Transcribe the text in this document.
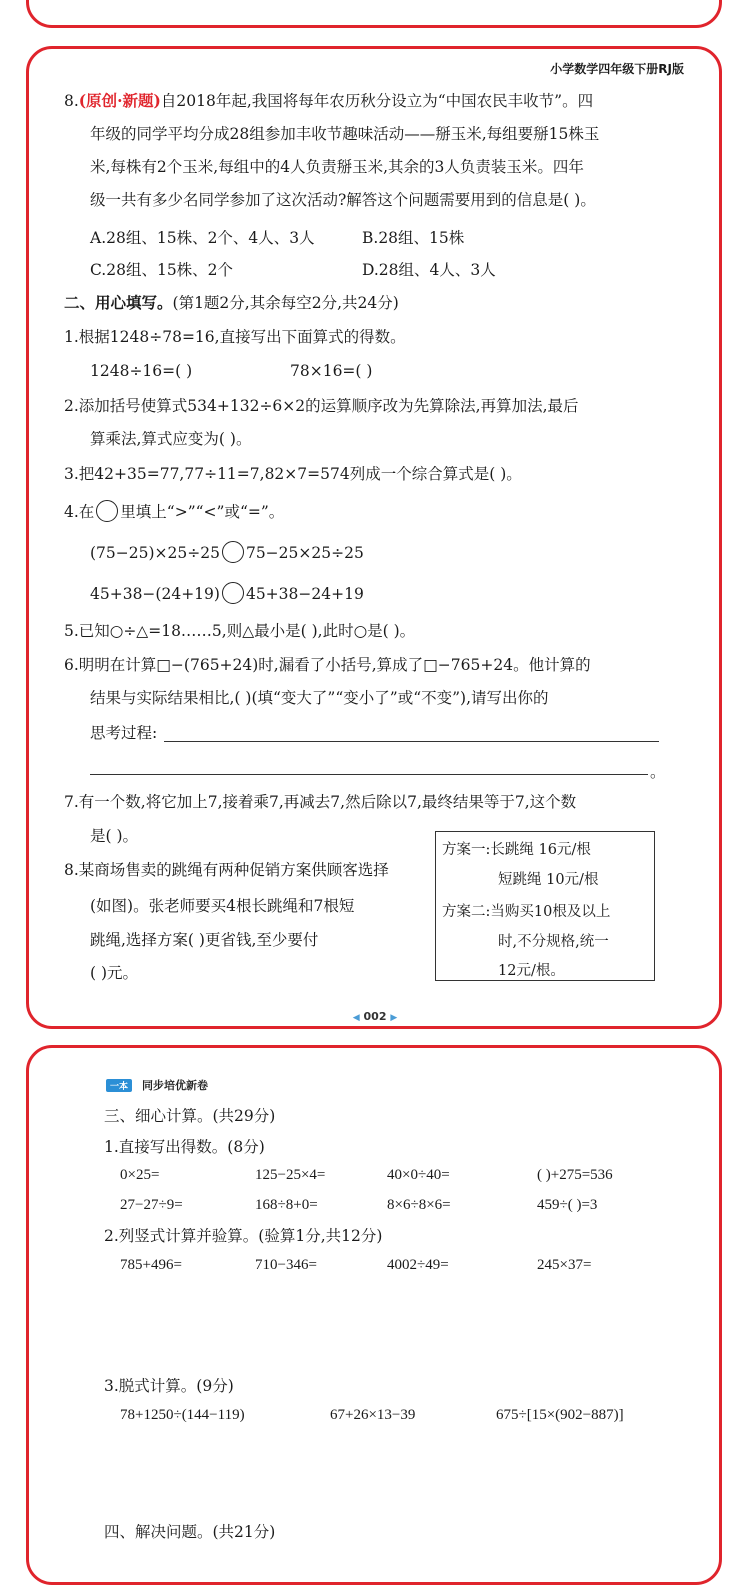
小学数学四年级下册RJ版
8.(原创·新题)自2018年起,我国将每年农历秋分设立为“中国农民丰收节”。四
年级的同学平均分成28组参加丰收节趣味活动——掰玉米,每组要掰15株玉
米,每株有2个玉米,每组中的4人负责掰玉米,其余的3人负责装玉米。四年
级一共有多少名同学参加了这次活动?解答这个问题需要用到的信息是( )。
A.28组、15株、2个、4人、3人	B.28组、15株
C.28组、15株、2个	D.28组、4人、3人
二、用心填写。(第1题2分,其余每空2分,共24分)
1.根据1248÷78=16,直接写出下面算式的得数。
1248÷16=( )	78×16=( )
2.添加括号使算式534+132÷6×2的运算顺序改为先算除法,再算加法,最后
算乘法,算式应变为( )。
3.把42+35=77,77÷11=7,82×7=574列成一个综合算式是( )。
4.在 里填上“>”“<”或“=”。
(75−25)×25÷25 75−25×25÷25
45+38−(24+19) 45+38−24+19
5.已知○÷△=18……5,则△最小是( ),此时○是( )。
6.明明在计算□−(765+24)时,漏看了小括号,算成了□−765+24。他计算的
结果与实际结果相比,( )(填“变大了”“变小了”或“不变”),请写出你的
思考过程:
。
7.有一个数,将它加上7,接着乘7,再减去7,然后除以7,最终结果等于7,这个数
是( )。
8.某商场售卖的跳绳有两种促销方案供顾客选择
(如图)。张老师要买4根长跳绳和7根短
跳绳,选择方案( )更省钱,至少要付
( )元。
方案一:长跳绳 16元/根
短跳绳 10元/根
方案二:当购买10根及以上
时,不分规格,统一
12元/根。
◀ 002 ▶
一本 同步培优新卷
三、细心计算。(共29分)
1.直接写出得数。(8分)
0×25=	125−25×4=	40×0÷40=	( )+275=536
27−27÷9=	168÷8+0=	8×6÷8×6=	459÷( )=3
2.列竖式计算并验算。(验算1分,共12分)
785+496=	710−346=	4002÷49=	245×37=
3.脱式计算。(9分)
78+1250÷(144−119)	67+26×13−39	675÷[15×(902−887)]
四、解决问题。(共21分)
